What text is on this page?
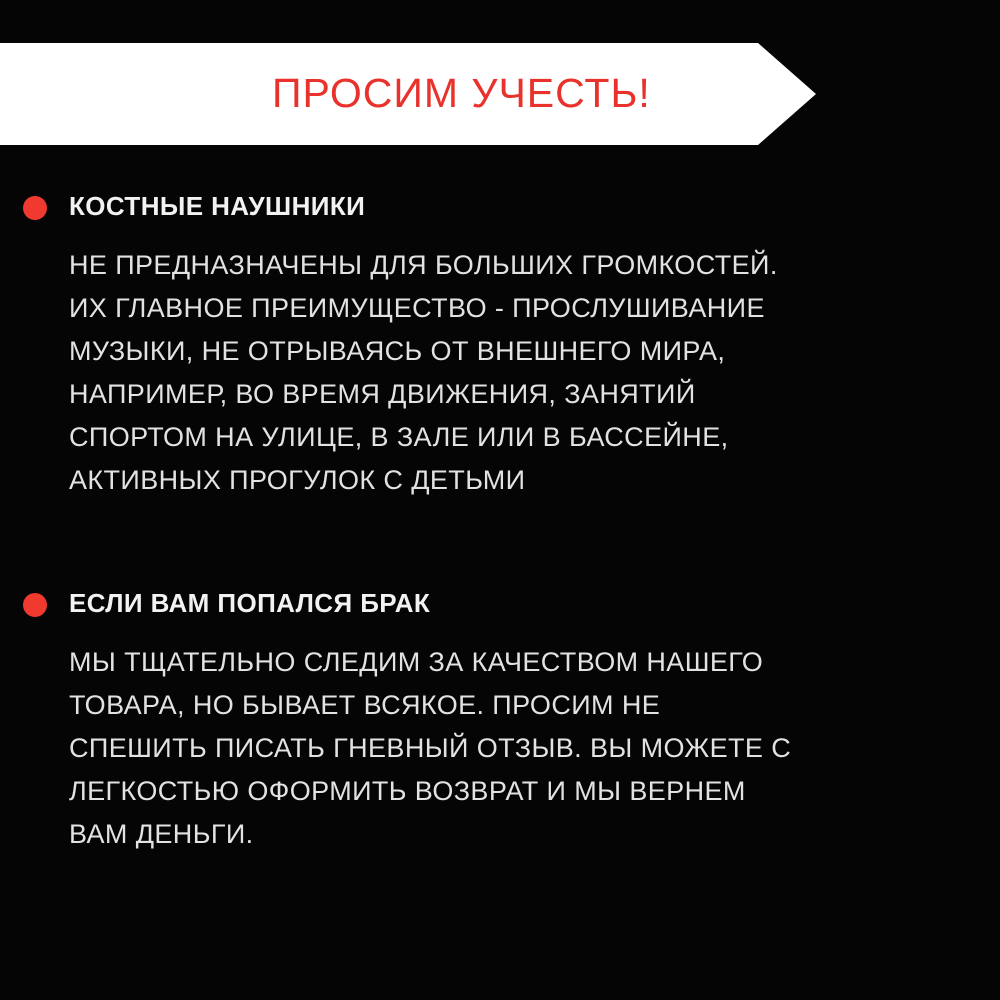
ПРОСИМ УЧЕСТЬ!
КОСТНЫЕ НАУШНИКИ
НЕ ПРЕДНАЗНАЧЕНЫ ДЛЯ БОЛЬШИХ ГРОМКОСТЕЙ.
ИХ ГЛАВНОЕ ПРЕИМУЩЕСТВО - ПРОСЛУШИВАНИЕ
МУЗЫКИ, НЕ ОТРЫВАЯСЬ ОТ ВНЕШНЕГО МИРА,
НАПРИМЕР, ВО ВРЕМЯ ДВИЖЕНИЯ, ЗАНЯТИЙ
СПОРТОМ НА УЛИЦЕ, В ЗАЛЕ ИЛИ В БАССЕЙНЕ,
АКТИВНЫХ ПРОГУЛОК С ДЕТЬМИ
ЕСЛИ ВАМ ПОПАЛСЯ БРАК
МЫ ТЩАТЕЛЬНО СЛЕДИМ ЗА КАЧЕСТВОМ НАШЕГО
ТОВАРА, НО БЫВАЕТ ВСЯКОЕ. ПРОСИМ НЕ
СПЕШИТЬ ПИСАТЬ ГНЕВНЫЙ ОТЗЫВ. ВЫ МОЖЕТЕ С
ЛЕГКОСТЬЮ ОФОРМИТЬ ВОЗВРАТ И МЫ ВЕРНЕМ
ВАМ ДЕНЬГИ.
